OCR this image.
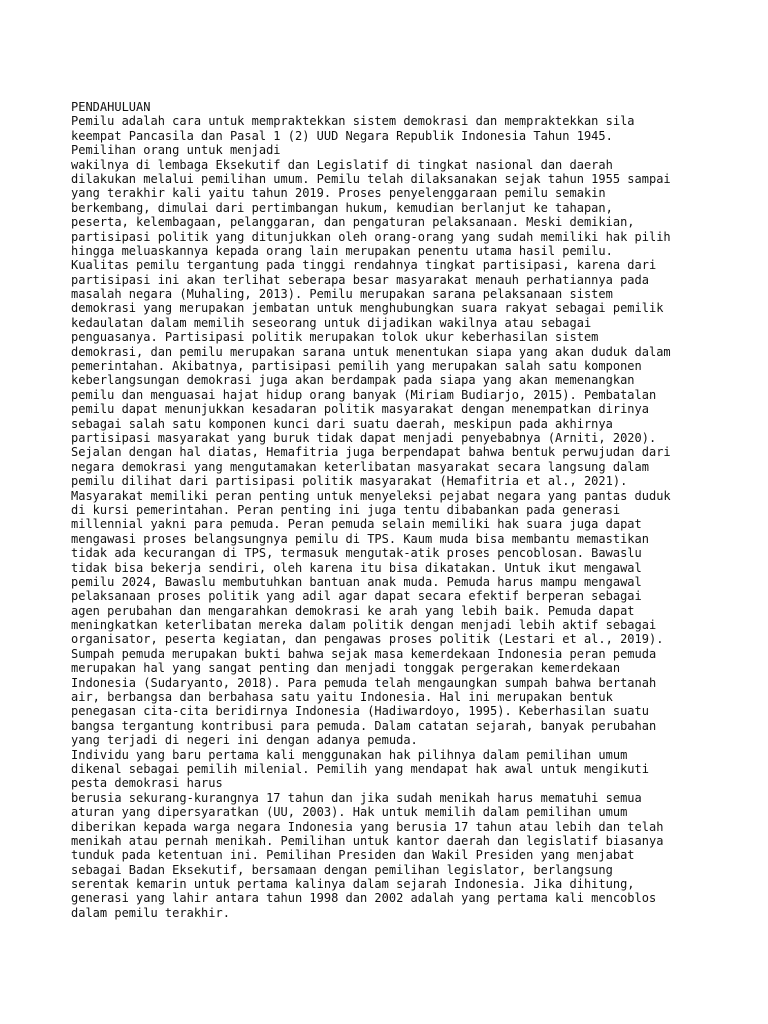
PENDAHULUAN
Pemilu adalah cara untuk mempraktekkan sistem demokrasi dan mempraktekkan sila
keempat Pancasila dan Pasal 1 (2) UUD Negara Republik Indonesia Tahun 1945.
Pemilihan orang untuk menjadi
wakilnya di lembaga Eksekutif dan Legislatif di tingkat nasional dan daerah
dilakukan melalui pemilihan umum. Pemilu telah dilaksanakan sejak tahun 1955 sampai
yang terakhir kali yaitu tahun 2019. Proses penyelenggaraan pemilu semakin
berkembang, dimulai dari pertimbangan hukum, kemudian berlanjut ke tahapan,
peserta, kelembagaan, pelanggaran, dan pengaturan pelaksanaan. Meski demikian,
partisipasi politik yang ditunjukkan oleh orang-orang yang sudah memiliki hak pilih
hingga meluaskannya kepada orang lain merupakan penentu utama hasil pemilu.
Kualitas pemilu tergantung pada tinggi rendahnya tingkat partisipasi, karena dari
partisipasi ini akan terlihat seberapa besar masyarakat menauh perhatiannya pada
masalah negara (Muhaling, 2013). Pemilu merupakan sarana pelaksanaan sistem
demokrasi yang merupakan jembatan untuk menghubungkan suara rakyat sebagai pemilik
kedaulatan dalam memilih seseorang untuk dijadikan wakilnya atau sebagai
penguasanya. Partisipasi politik merupakan tolok ukur keberhasilan sistem
demokrasi, dan pemilu merupakan sarana untuk menentukan siapa yang akan duduk dalam
pemerintahan. Akibatnya, partisipasi pemilih yang merupakan salah satu komponen
keberlangsungan demokrasi juga akan berdampak pada siapa yang akan memenangkan
pemilu dan menguasai hajat hidup orang banyak (Miriam Budiarjo, 2015). Pembatalan
pemilu dapat menunjukkan kesadaran politik masyarakat dengan menempatkan dirinya
sebagai salah satu komponen kunci dari suatu daerah, meskipun pada akhirnya
partisipasi masyarakat yang buruk tidak dapat menjadi penyebabnya (Arniti, 2020).
Sejalan dengan hal diatas, Hemafitria juga berpendapat bahwa bentuk perwujudan dari
negara demokrasi yang mengutamakan keterlibatan masyarakat secara langsung dalam
pemilu dilihat dari partisipasi politik masyarakat (Hemafitria et al., 2021).
Masyarakat memiliki peran penting untuk menyeleksi pejabat negara yang pantas duduk
di kursi pemerintahan. Peran penting ini juga tentu dibabankan pada generasi
millennial yakni para pemuda. Peran pemuda selain memiliki hak suara juga dapat
mengawasi proses belangsungnya pemilu di TPS. Kaum muda bisa membantu memastikan
tidak ada kecurangan di TPS, termasuk mengutak-atik proses pencoblosan. Bawaslu
tidak bisa bekerja sendiri, oleh karena itu bisa dikatakan. Untuk ikut mengawal
pemilu 2024, Bawaslu membutuhkan bantuan anak muda. Pemuda harus mampu mengawal
pelaksanaan proses politik yang adil agar dapat secara efektif berperan sebagai
agen perubahan dan mengarahkan demokrasi ke arah yang lebih baik. Pemuda dapat
meningkatkan keterlibatan mereka dalam politik dengan menjadi lebih aktif sebagai
organisator, peserta kegiatan, dan pengawas proses politik (Lestari et al., 2019).
Sumpah pemuda merupakan bukti bahwa sejak masa kemerdekaan Indonesia peran pemuda
merupakan hal yang sangat penting dan menjadi tonggak pergerakan kemerdekaan
Indonesia (Sudaryanto, 2018). Para pemuda telah mengaungkan sumpah bahwa bertanah
air, berbangsa dan berbahasa satu yaitu Indonesia. Hal ini merupakan bentuk
penegasan cita-cita beridirnya Indonesia (Hadiwardoyo, 1995). Keberhasilan suatu
bangsa tergantung kontribusi para pemuda. Dalam catatan sejarah, banyak perubahan
yang terjadi di negeri ini dengan adanya pemuda.
Individu yang baru pertama kali menggunakan hak pilihnya dalam pemilihan umum
dikenal sebagai pemilih milenial. Pemilih yang mendapat hak awal untuk mengikuti
pesta demokrasi harus
berusia sekurang-kurangnya 17 tahun dan jika sudah menikah harus mematuhi semua
aturan yang dipersyaratkan (UU, 2003). Hak untuk memilih dalam pemilihan umum
diberikan kepada warga negara Indonesia yang berusia 17 tahun atau lebih dan telah
menikah atau pernah menikah. Pemilihan untuk kantor daerah dan legislatif biasanya
tunduk pada ketentuan ini. Pemilihan Presiden dan Wakil Presiden yang menjabat
sebagai Badan Eksekutif, bersamaan dengan pemilihan legislator, berlangsung
serentak kemarin untuk pertama kalinya dalam sejarah Indonesia. Jika dihitung,
generasi yang lahir antara tahun 1998 dan 2002 adalah yang pertama kali mencoblos
dalam pemilu terakhir.
